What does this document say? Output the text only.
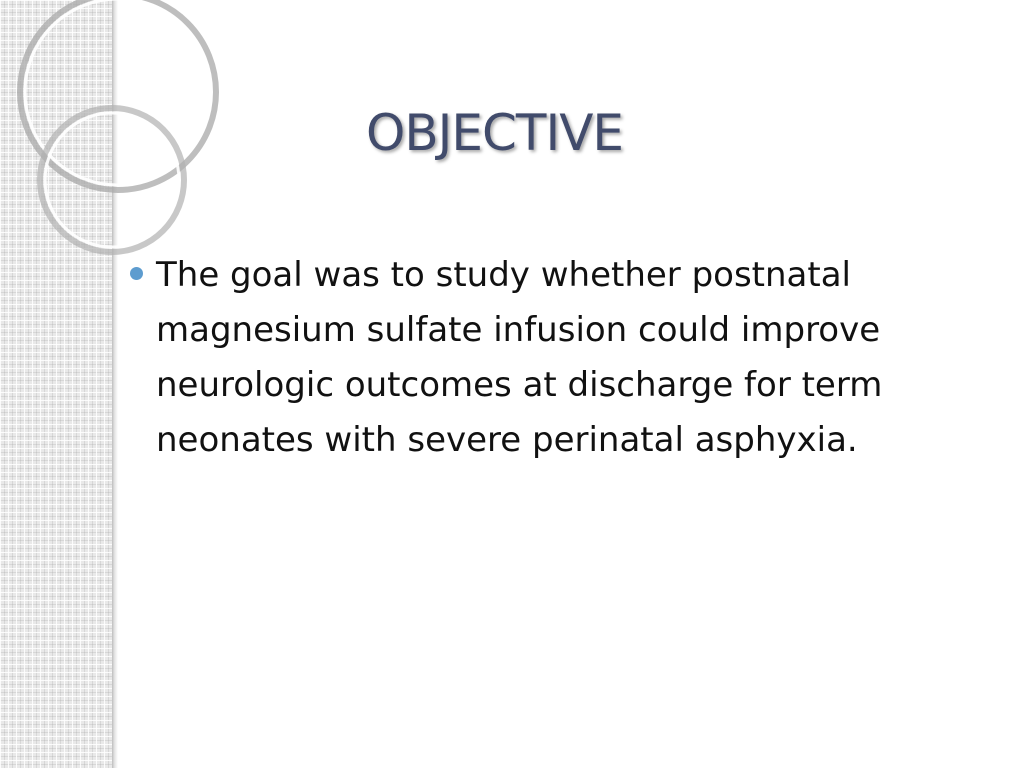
OBJECTIVE
The goal was to study whether postnatal
magnesium sulfate infusion could improve
neurologic outcomes at discharge for term
neonates with severe perinatal asphyxia.
